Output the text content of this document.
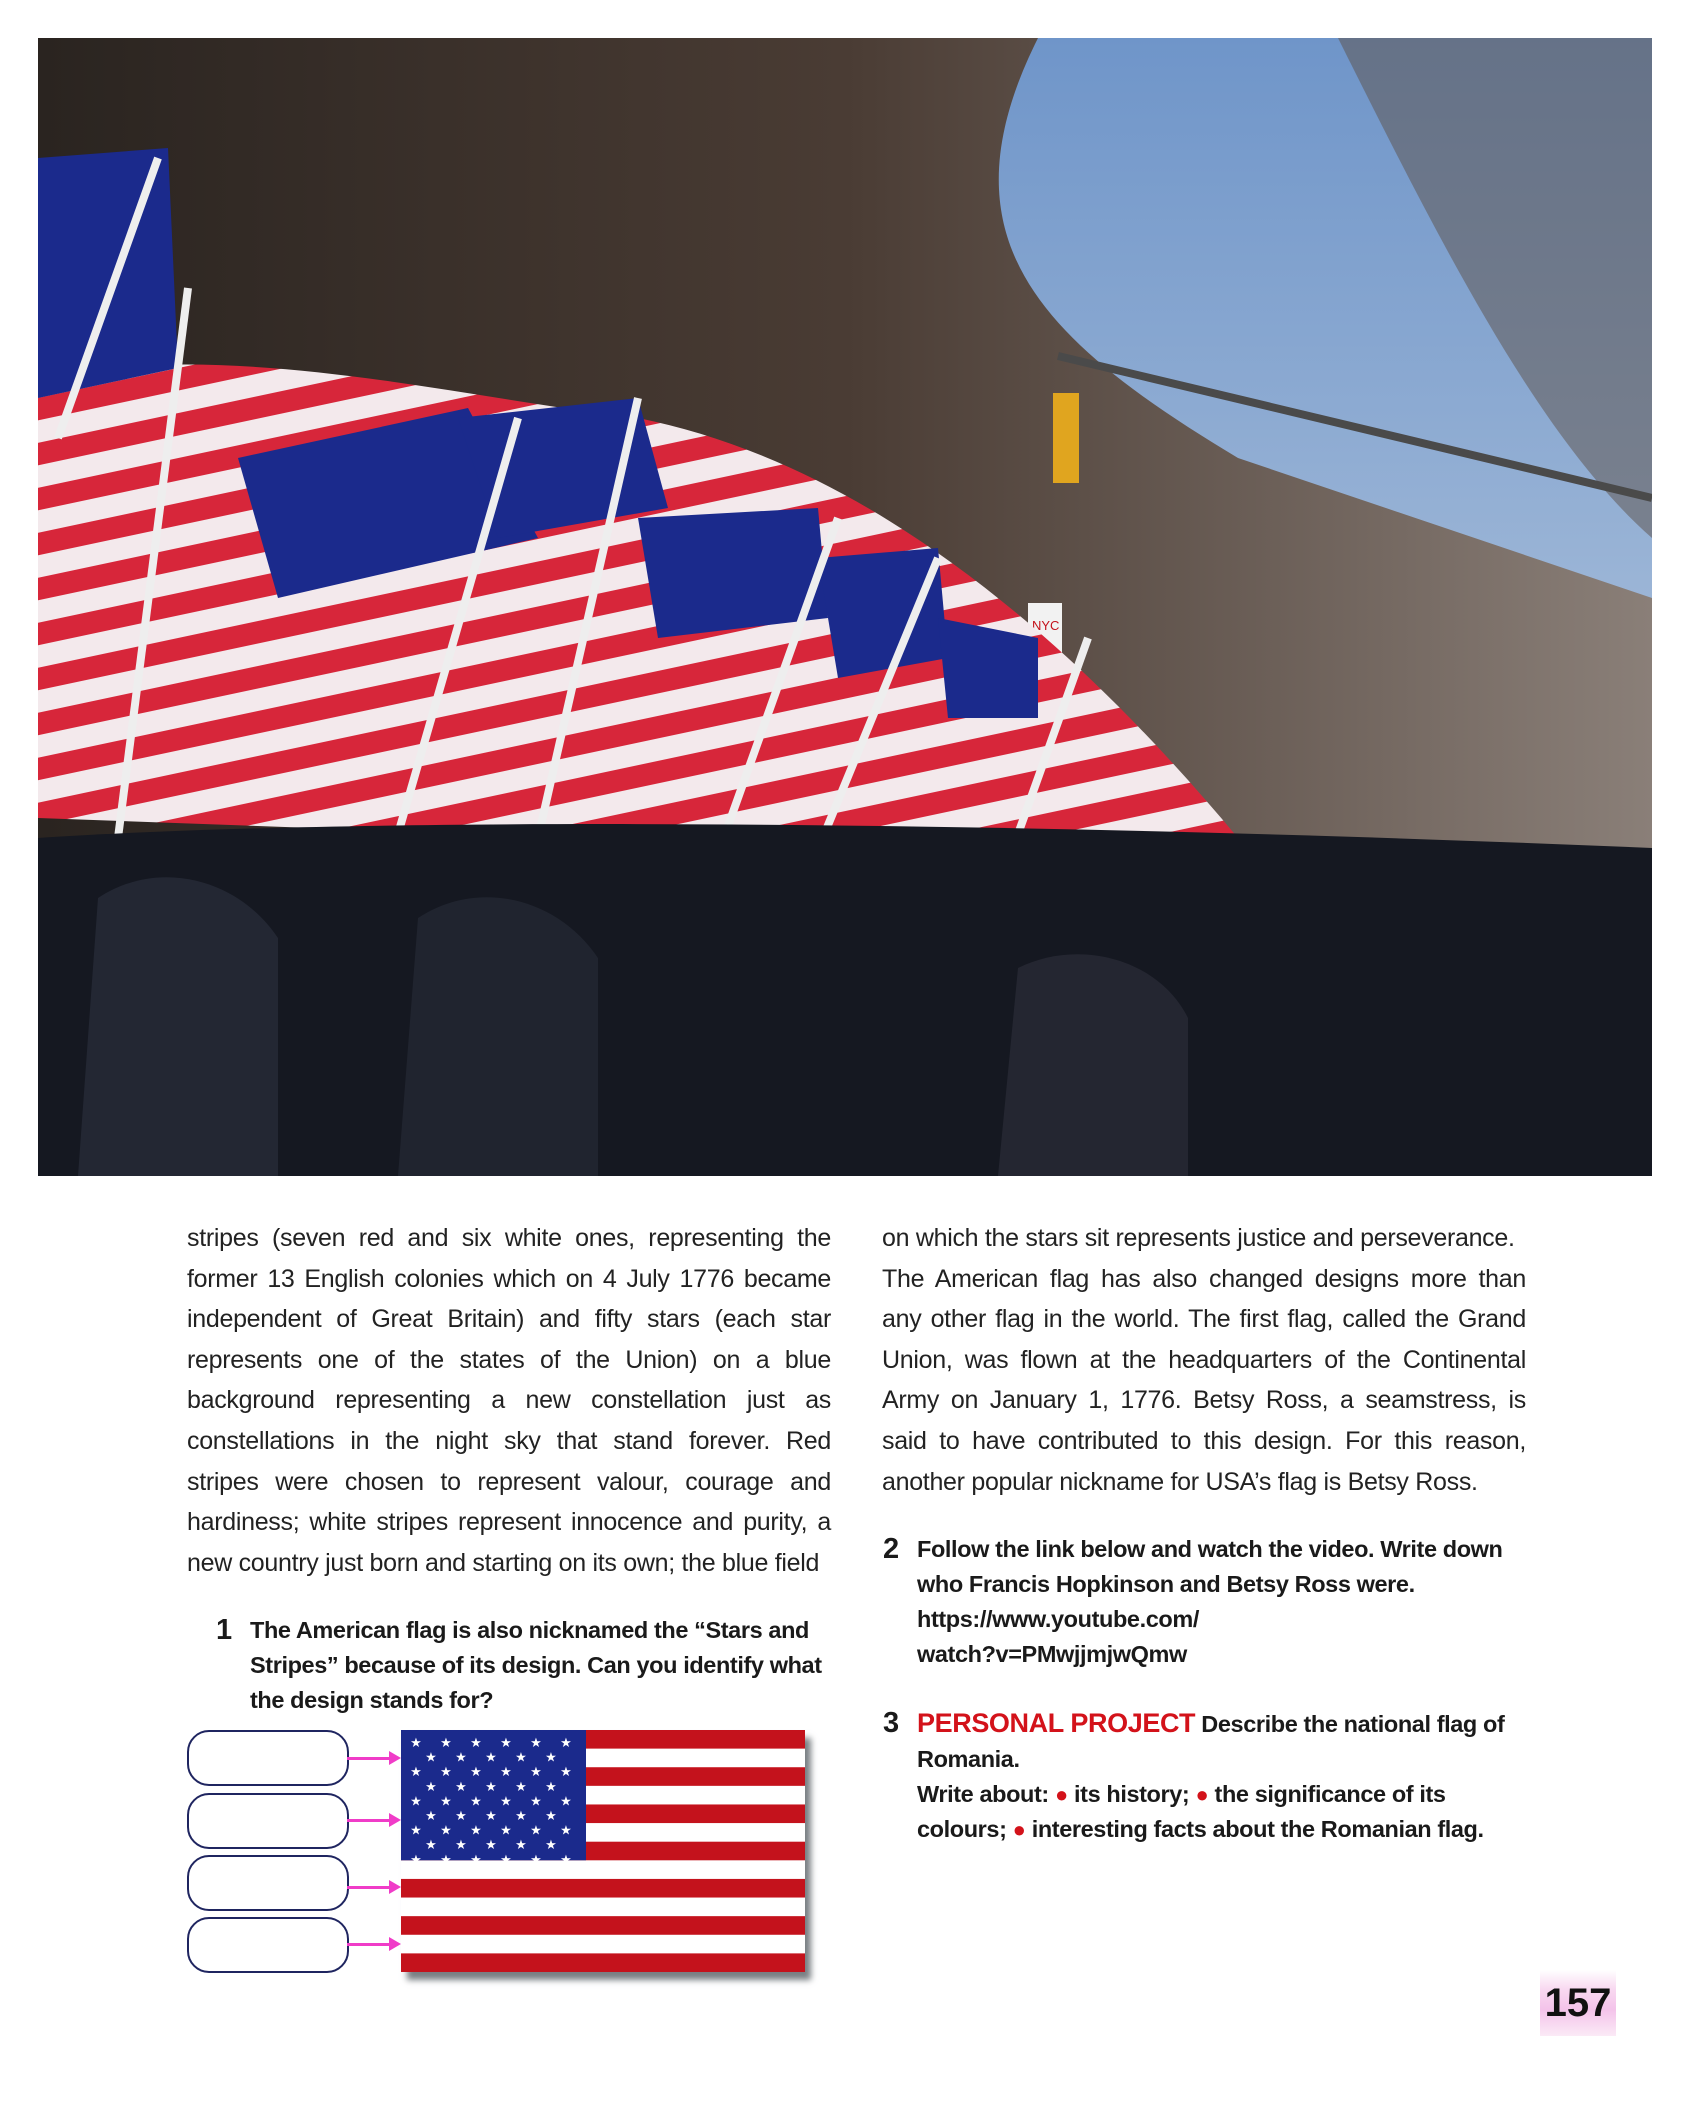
NYC
stripes (seven red and six white ones, representing the former 13 English colonies which on 4 July 1776 became independent of Great Britain) and fifty stars (each star represents one of the states of the Union) on a blue background representing a new constellation just as constellations in the night sky that stand forever. Red stripes were chosen to represent valour, courage and hardiness; white stripes represent innocence and purity, a new country just born and starting on its own; the blue field
1 The American flag is also nicknamed the “Stars and Stripes” because of its design. Can you identify what the design stands for?
★ ★ ★ ★ ★ ★
★ ★ ★ ★ ★
★ ★ ★ ★ ★ ★
★ ★ ★ ★ ★
★ ★ ★ ★ ★ ★
★ ★ ★ ★ ★
★ ★ ★ ★ ★ ★
★ ★ ★ ★ ★
★ ★ ★ ★ ★ ★
on which the stars sit represents justice and perseverance.
The American flag has also changed designs more than any other flag in the world. The first flag, called the Grand Union, was flown at the headquarters of the Continental Army on January 1, 1776. Betsy Ross, a seamstress, is said to have contributed to this design. For this reason, another popular nickname for USA’s flag is Betsy Ross.
2 Follow the link below and watch the video. Write down who Francis Hopkinson and Betsy Ross were.
https://www.youtube.com/
watch?v=PMwjjmjwQmw
3 PERSONAL PROJECT Describe the national flag of Romania.
Write about: ● its history; ● the significance of its colours; ● interesting facts about the Romanian flag.
157
